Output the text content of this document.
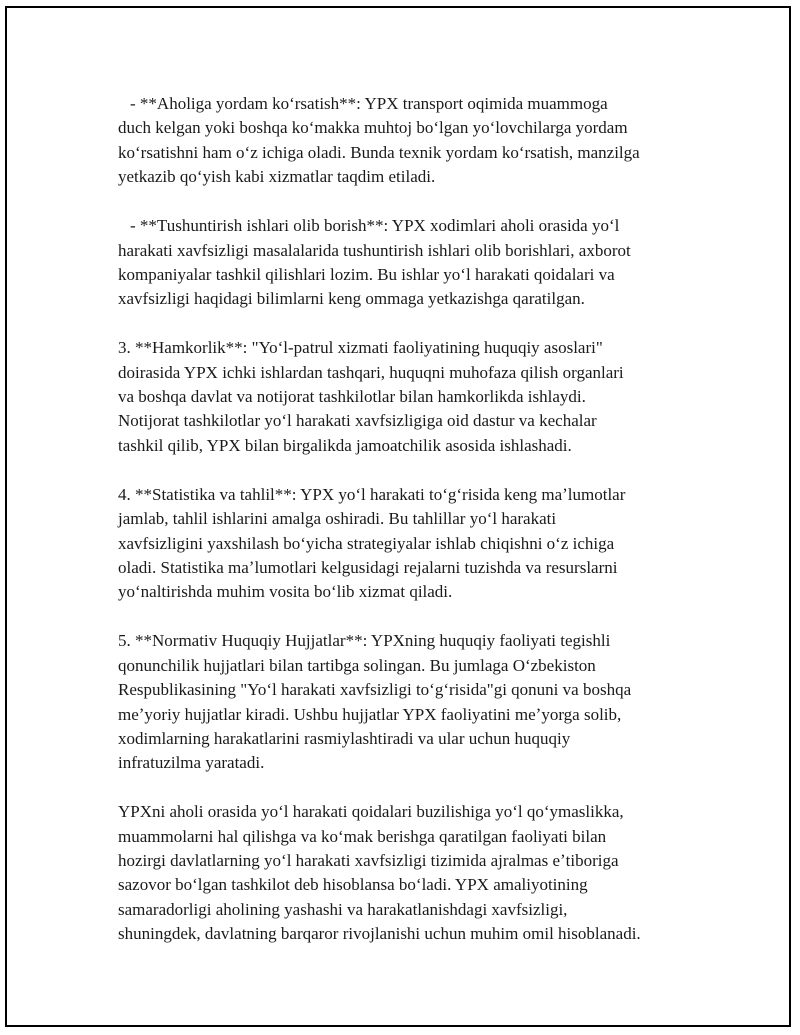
- **Aholiga yordam koʻrsatish**: YPX transport oqimida muammoga
duch kelgan yoki boshqa koʻmakka muhtoj boʻlgan yoʻlovchilarga yordam
koʻrsatishni ham oʻz ichiga oladi. Bunda texnik yordam koʻrsatish, manzilga
yetkazib qoʻyish kabi xizmatlar taqdim etiladi.

- **Tushuntirish ishlari olib borish**: YPX xodimlari aholi orasida yoʻl
harakati xavfsizligi masalalarida tushuntirish ishlari olib borishlari, axborot
kompaniyalar tashkil qilishlari lozim. Bu ishlar yoʻl harakati qoidalari va
xavfsizligi haqidagi bilimlarni keng ommaga yetkazishga qaratilgan.

3. **Hamkorlik**: "Yoʻl-patrul xizmati faoliyatining huquqiy asoslari"
doirasida YPX ichki ishlardan tashqari, huquqni muhofaza qilish organlari
va boshqa davlat va notijorat tashkilotlar bilan hamkorlikda ishlaydi.
Notijorat tashkilotlar yoʻl harakati xavfsizligiga oid dastur va kechalar
tashkil qilib, YPX bilan birgalikda jamoatchilik asosida ishlashadi.

4. **Statistika va tahlil**: YPX yoʻl harakati toʻgʻrisida keng maʼlumotlar
jamlab, tahlil ishlarini amalga oshiradi. Bu tahlillar yoʻl harakati
xavfsizligini yaxshilash boʻyicha strategiyalar ishlab chiqishni oʻz ichiga
oladi. Statistika maʼlumotlari kelgusidagi rejalarni tuzishda va resurslarni
yoʻnaltirishda muhim vosita boʻlib xizmat qiladi.

5. **Normativ Huquqiy Hujjatlar**: YPXning huquqiy faoliyati tegishli
qonunchilik hujjatlari bilan tartibga solingan. Bu jumlaga Oʻzbekiston
Respublikasining "Yoʻl harakati xavfsizligi toʻgʻrisida"gi qonuni va boshqa
meʼyoriy hujjatlar kiradi. Ushbu hujjatlar YPX faoliyatini meʼyorga solib,
xodimlarning harakatlarini rasmiylashtiradi va ular uchun huquqiy
infratuzilma yaratadi.

YPXni aholi orasida yoʻl harakati qoidalari buzilishiga yoʻl qoʻymaslikka,
muammolarni hal qilishga va koʻmak berishga qaratilgan faoliyati bilan
hozirgi davlatlarning yoʻl harakati xavfsizligi tizimida ajralmas eʼtiboriga
sazovor boʻlgan tashkilot deb hisoblansa boʻladi. YPX amaliyotining
samaradorligi aholining yashashi va harakatlanishdagi xavfsizligi,
shuningdek, davlatning barqaror rivojlanishi uchun muhim omil hisoblanadi.
